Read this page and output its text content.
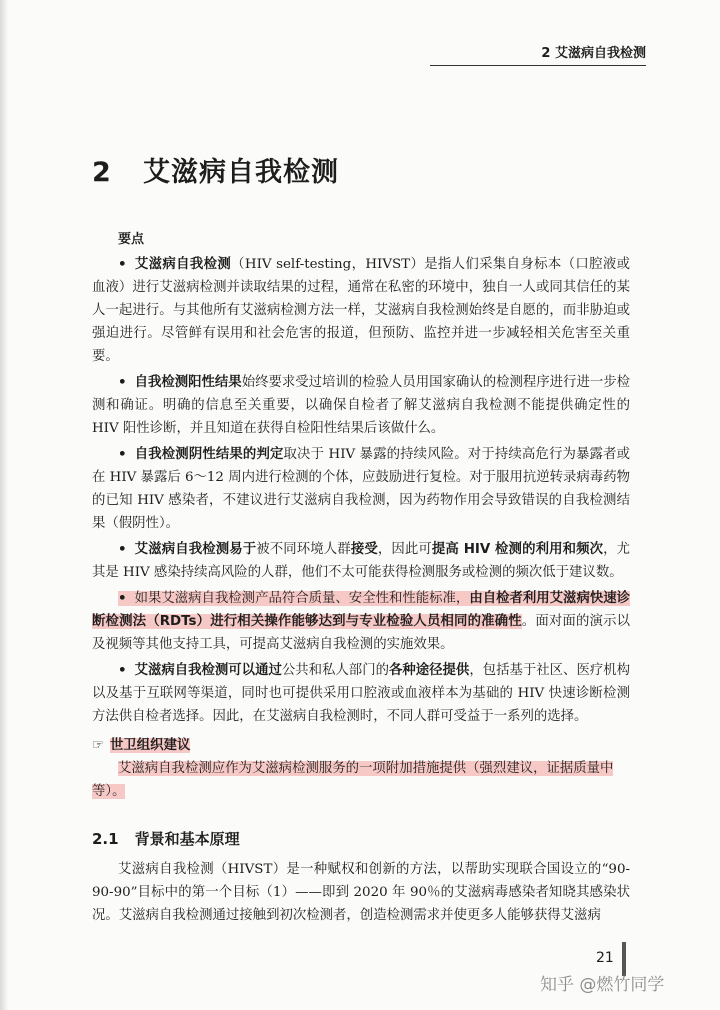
2 艾滋病自我检测
2 艾滋病自我检测
要点

• 艾滋病自我检测（HIV self-testing，HIVST）是指人们采集自身标本（口腔液或血液）进行艾滋病检测并读取结果的过程，通常在私密的环境中，独自一人或同其信任的某人一起进行。与其他所有艾滋病检测方法一样，艾滋病自我检测始终是自愿的，而非胁迫或强迫进行。尽管鲜有误用和社会危害的报道，但预防、监控并进一步减轻相关危害至关重要。

• 自我检测阳性结果始终要求受过培训的检验人员用国家确认的检测程序进行进一步检测和确证。明确的信息至关重要，以确保自检者了解艾滋病自我检测不能提供确定性的 HIV 阳性诊断，并且知道在获得自检阳性结果后该做什么。

• 自我检测阴性结果的判定取决于 HIV 暴露的持续风险。对于持续高危行为暴露者或在 HIV 暴露后 6～12 周内进行检测的个体，应鼓励进行复检。对于服用抗逆转录病毒药物的已知 HIV 感染者，不建议进行艾滋病自我检测，因为药物作用会导致错误的自我检测结果（假阴性）。

• 艾滋病自我检测易于被不同环境人群接受，因此可提高 HIV 检测的利用和频次，尤其是 HIV 感染持续高风险的人群，他们不太可能获得检测服务或检测的频次低于建议数。

• 如果艾滋病自我检测产品符合质量、安全性和性能标准，由自检者利用艾滋病快速诊断检测法（RDTs）进行相关操作能够达到与专业检验人员相同的准确性。面对面的演示以及视频等其他支持工具，可提高艾滋病自我检测的实施效果。

• 艾滋病自我检测可以通过公共和私人部门的各种途径提供，包括基于社区、医疗机构以及基于互联网等渠道，同时也可提供采用口腔液或血液样本为基础的 HIV 快速诊断检测方法供自检者选择。因此，在艾滋病自我检测时，不同人群可受益于一系列的选择。

☞ 世卫组织建议
艾滋病自我检测应作为艾滋病检测服务的一项附加措施提供（强烈建议，证据质量中等）。
2.1 背景和基本原理
艾滋病自我检测（HIVST）是一种赋权和创新的方法，以帮助实现联合国设立的“90-90-90”目标中的第一个目标（1）——即到 2020 年 90％的艾滋病毒感染者知晓其感染状况。艾滋病自我检测通过接触到初次检测者，创造检测需求并使更多人能够获得艾滋病
21
知乎 @燃竹同学
